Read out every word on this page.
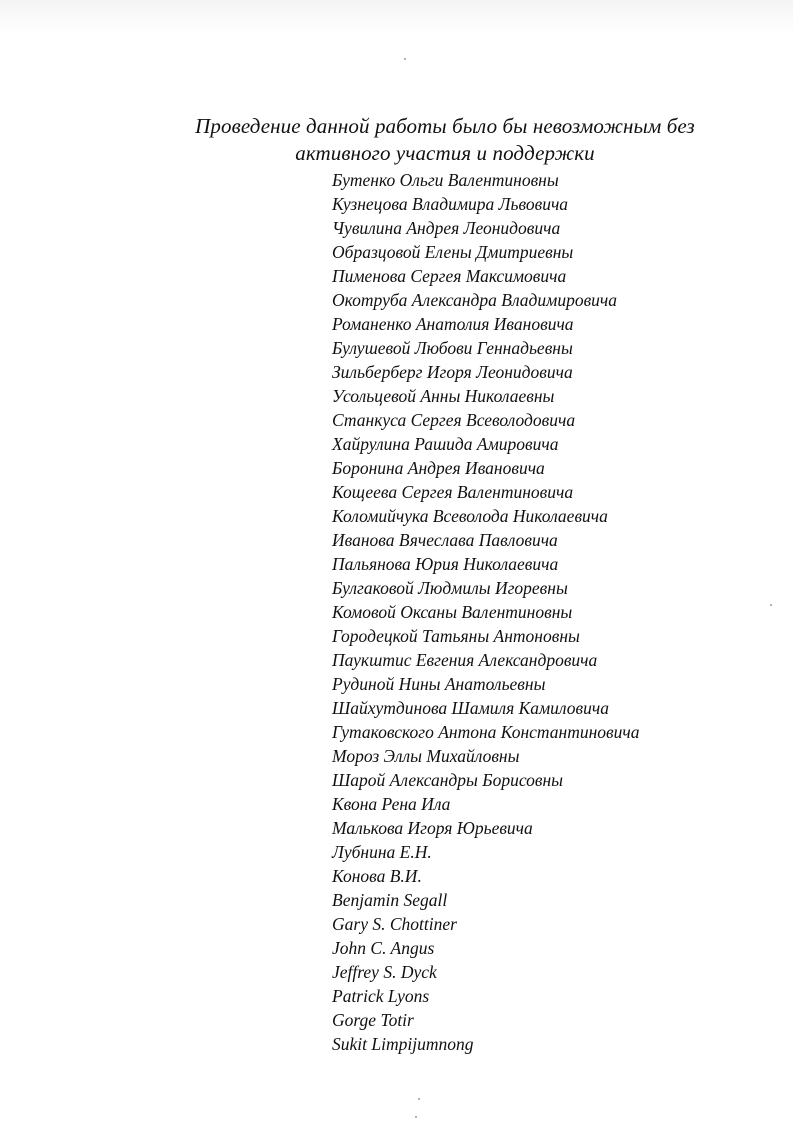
Проведение данной работы было бы невозможным без
активного участия и поддержки
Бутенко Ольги Валентиновны
Кузнецова Владимира Львовича
Чувилина Андрея Леонидовича
Образцовой Елены Дмитриевны
Пименова Сергея Максимовича
Окотруба Александра Владимировича
Романенко Анатолия Ивановича
Булушевой Любови Геннадьевны
Зильберберг Игоря Леонидовича
Усольцевой Анны Николаевны
Станкуса Сергея Всеволодовича
Хайрулина Рашида Амировича
Боронина Андрея Ивановича
Кощеева Сергея Валентиновича
Коломийчука Всеволода Николаевича
Иванова Вячеслава Павловича
Пальянова Юрия Николаевича
Булгаковой Людмилы Игоревны
Комовой Оксаны Валентиновны
Городецкой Татьяны Антоновны
Паукштис Евгения Александровича
Рудиной Нины Анатольевны
Шайхутдинова Шамиля Камиловича
Гутаковского Антона Константиновича
Мороз Эллы Михайловны
Шарой Александры Борисовны
Квона Рена Ила
Малькова Игоря Юрьевича
Лубнина Е.Н.
Конова В.И.
Benjamin Segall
Gary S. Chottiner
John C. Angus
Jeffrey S. Dyck
Patrick Lyons
Gorge Totir
Sukit Limpijumnong
